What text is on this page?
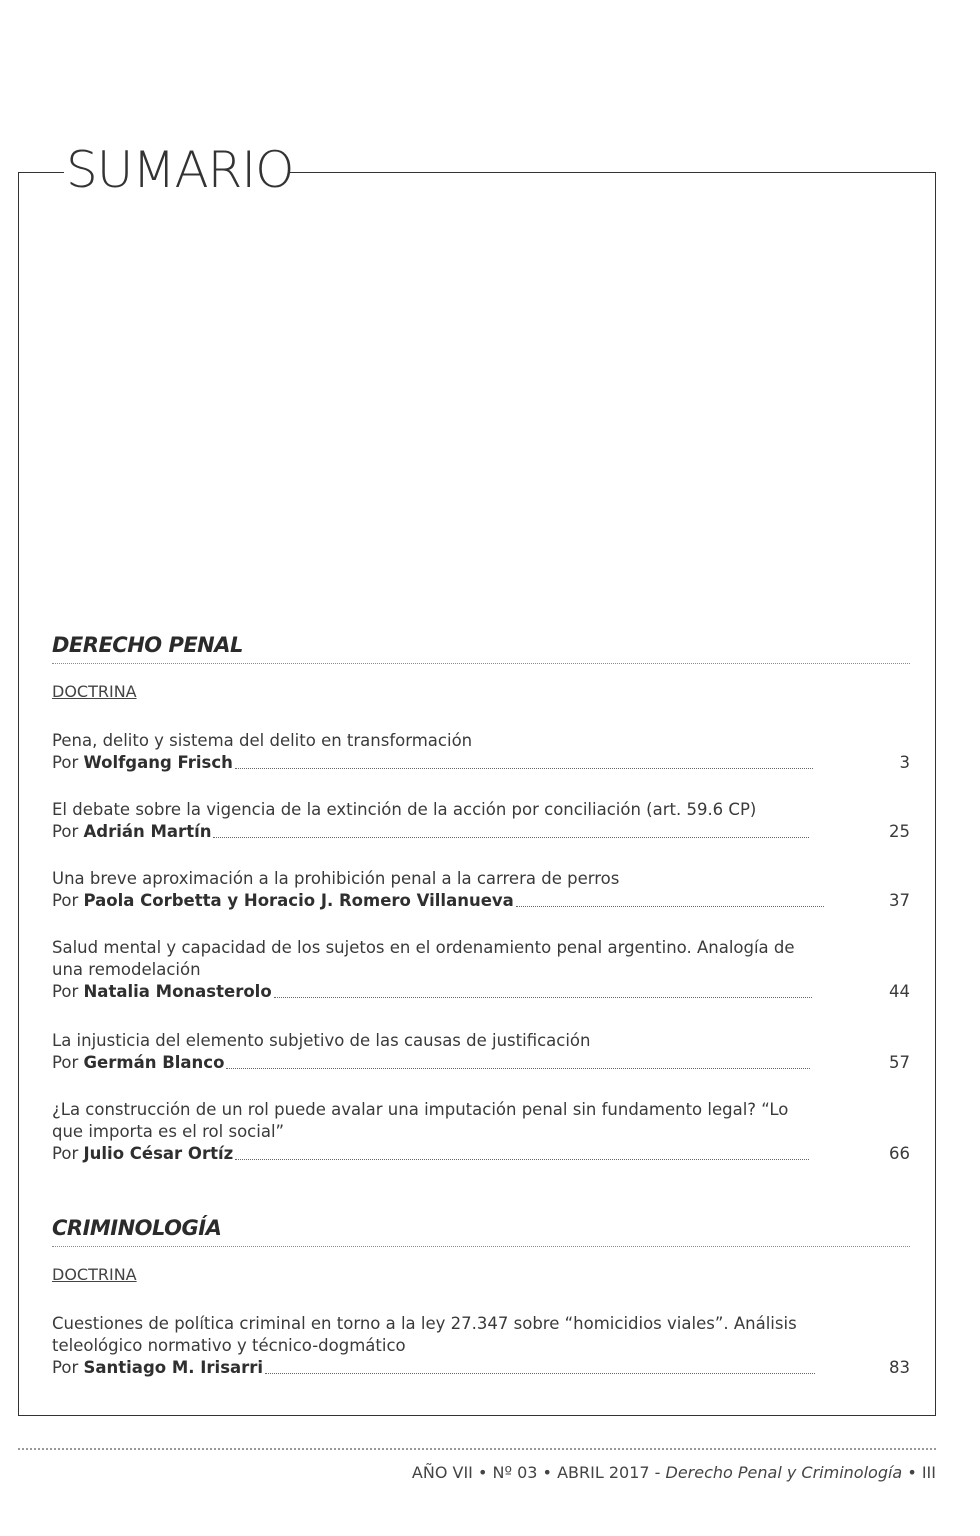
SUMARIO
DERECHO PENAL
DOCTRINA
Pena, delito y sistema del delito en transformación
Por
Wolfgang Frisch	3
El debate sobre la vigencia de la extinción de la acción por conciliación (art. 59.6 CP)
Por
Adrián Martín	25
Una breve aproximación a la prohibición penal a la carrera de perros
Por
Paola Corbetta y Horacio J. Romero Villanueva	37
Salud mental y capacidad de los sujetos en el ordenamiento penal argentino. Analogía de una remodelación
Por
Natalia Monasterolo	44
La injusticia del elemento subjetivo de las causas de justificación
Por
Germán Blanco	57
¿La construcción de un rol puede avalar una imputación penal sin fundamento legal? “Lo que importa es el rol social”
Por
Julio César Ortíz	66
CRIMINOLOGÍA
DOCTRINA
Cuestiones de política criminal en torno a la ley 27.347 sobre “homicidios viales”. Análisis teleológico normativo y técnico-dogmático
Por
Santiago M. Irisarri	83
AÑO VII • Nº 03 • ABRIL 2017 - Derecho Penal y Criminología • III
